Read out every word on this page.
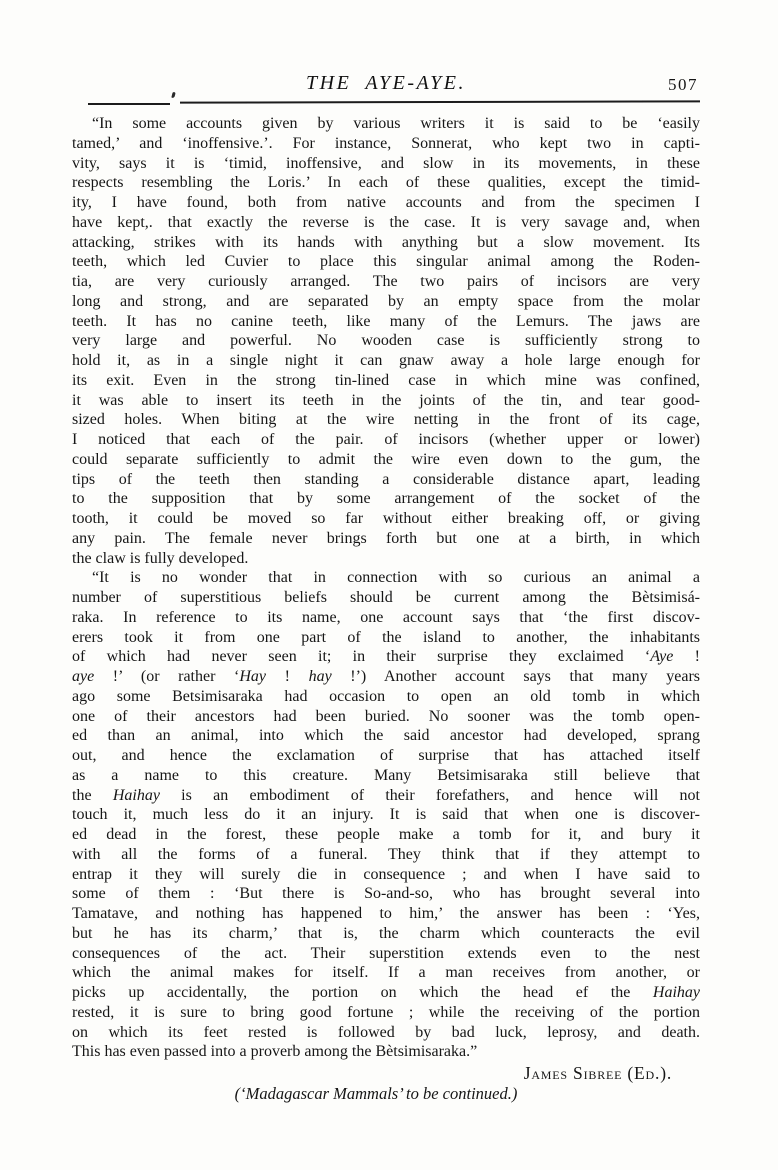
THE AYE-AYE.	507
“In some accounts given by various writers it is said to be ‘easily
tamed,’ and ‘inoffensive.’. For instance, Sonnerat, who kept two in capti-
vity, says it is ‘timid, inoffensive, and slow in its movements, in these
respects resembling the Loris.’ In each of these qualities, except the timid-
ity, I have found, both from native accounts and from the specimen I
have kept,. that exactly the reverse is the case. It is very savage and, when
attacking, strikes with its hands with anything but a slow movement. Its
teeth, which led Cuvier to place this singular animal among the Roden-
tia, are very curiously arranged. The two pairs of incisors are very
long and strong, and are separated by an empty space from the molar
teeth. It has no canine teeth, like many of the Lemurs. The jaws are
very large and powerful. No wooden case is sufficiently strong to
hold it, as in a single night it can gnaw away a hole large enough for
its exit. Even in the strong tin-lined case in which mine was confined,
it was able to insert its teeth in the joints of the tin, and tear good-
sized holes. When biting at the wire netting in the front of its cage,
I noticed that each of the pair. of incisors (whether upper or lower)
could separate sufficiently to admit the wire even down to the gum, the
tips of the teeth then standing a considerable distance apart, leading
to the supposition that by some arrangement of the socket of the
tooth, it could be moved so far without either breaking off, or giving
any pain. The female never brings forth but one at a birth, in which
the claw is fully developed.
“It is no wonder that in connection with so curious an animal a
number of superstitious beliefs should be current among the Bètsimisá-
raka. In reference to its name, one account says that ‘the first discov-
erers took it from one part of the island to another, the inhabitants
of which had never seen it; in their surprise they exclaimed ‘Aye !
aye !’ (or rather ‘Hay ! hay !’) Another account says that many years
ago some Betsimisaraka had occasion to open an old tomb in which
one of their ancestors had been buried. No sooner was the tomb open-
ed than an animal, into which the said ancestor had developed, sprang
out, and hence the exclamation of surprise that has attached itself
as a name to this creature. Many Betsimisaraka still believe that
the Haihay is an embodiment of their forefathers, and hence will not
touch it, much less do it an injury. It is said that when one is discover-
ed dead in the forest, these people make a tomb for it, and bury it
with all the forms of a funeral. They think that if they attempt to
entrap it they will surely die in consequence ; and when I have said to
some of them : ‘But there is So-and-so, who has brought several into
Tamatave, and nothing has happened to him,’ the answer has been : ‘Yes,
but he has its charm,’ that is, the charm which counteracts the evil
consequences of the act. Their superstition extends even to the nest
which the animal makes for itself. If a man receives from another, or
picks up accidentally, the portion on which the head ef the Haihay
rested, it is sure to bring good fortune ; while the receiving of the portion
on which its feet rested is followed by bad luck, leprosy, and death.
This has even passed into a proverb among the Bètsimisaraka.”
James Sibree (Ed.).
(‘Madagascar Mammals’ to be continued.)
